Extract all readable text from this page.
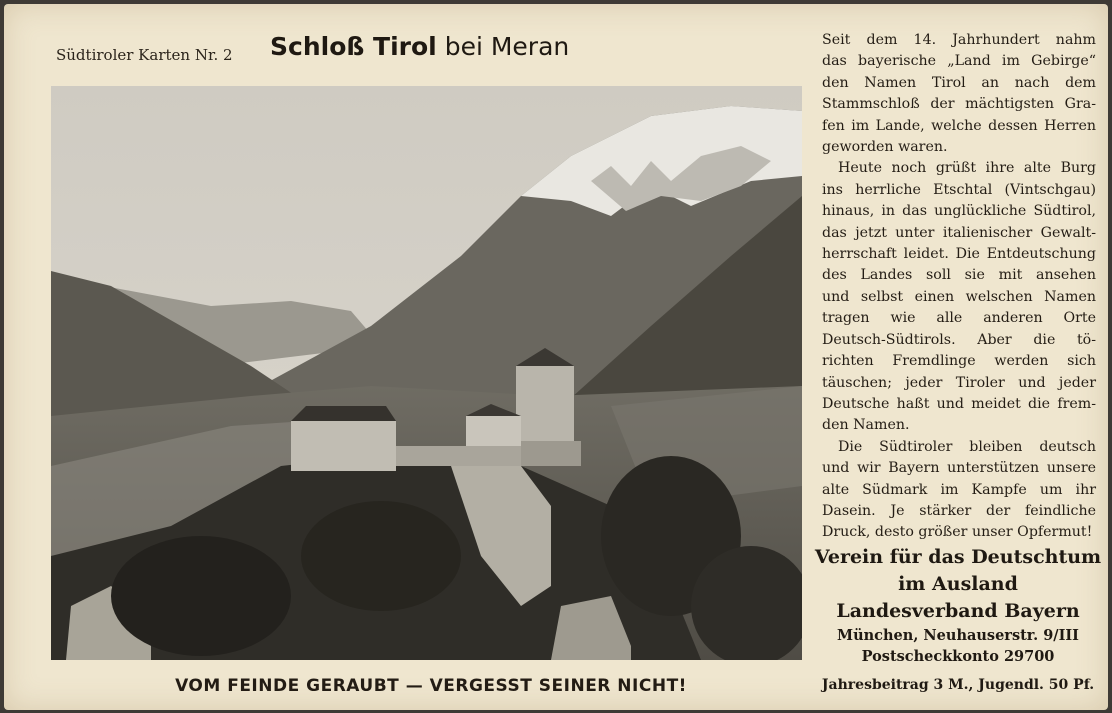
Südtiroler Karten Nr. 2 Schloß Tirol bei Meran
VOM FEINDE GERAUBT — VERGESST SEINER NICHT!
Seit dem 14. Jahrhundert nahm
das bayerische „Land im Gebirge“
den Namen Tirol an nach dem
Stammschloß der mächtigsten Gra-
fen im Lande, welche dessen Herren
geworden waren.
Heute noch grüßt ihre alte Burg
ins herrliche Etschtal (Vintschgau)
hinaus, in das unglückliche Südtirol,
das jetzt unter italienischer Gewalt-
herrschaft leidet. Die Entdeutschung
des Landes soll sie mit ansehen
und selbst einen welschen Namen
tragen wie alle anderen Orte
Deutsch-Südtirols. Aber die tö-
richten Fremdlinge werden sich
täuschen; jeder Tiroler und jeder
Deutsche haßt und meidet die frem-
den Namen.
Die Südtiroler bleiben deutsch
und wir Bayern unterstützen unsere
alte Südmark im Kampfe um ihr
Dasein. Je stärker der feindliche
Druck, desto größer unser Opfermut!
Verein für das Deutschtum
im Ausland
Landesverband Bayern
München, Neuhauserstr. 9/III
Postscheckkonto 29700
Jahresbeitrag 3 M., Jugendl. 50 Pf.
